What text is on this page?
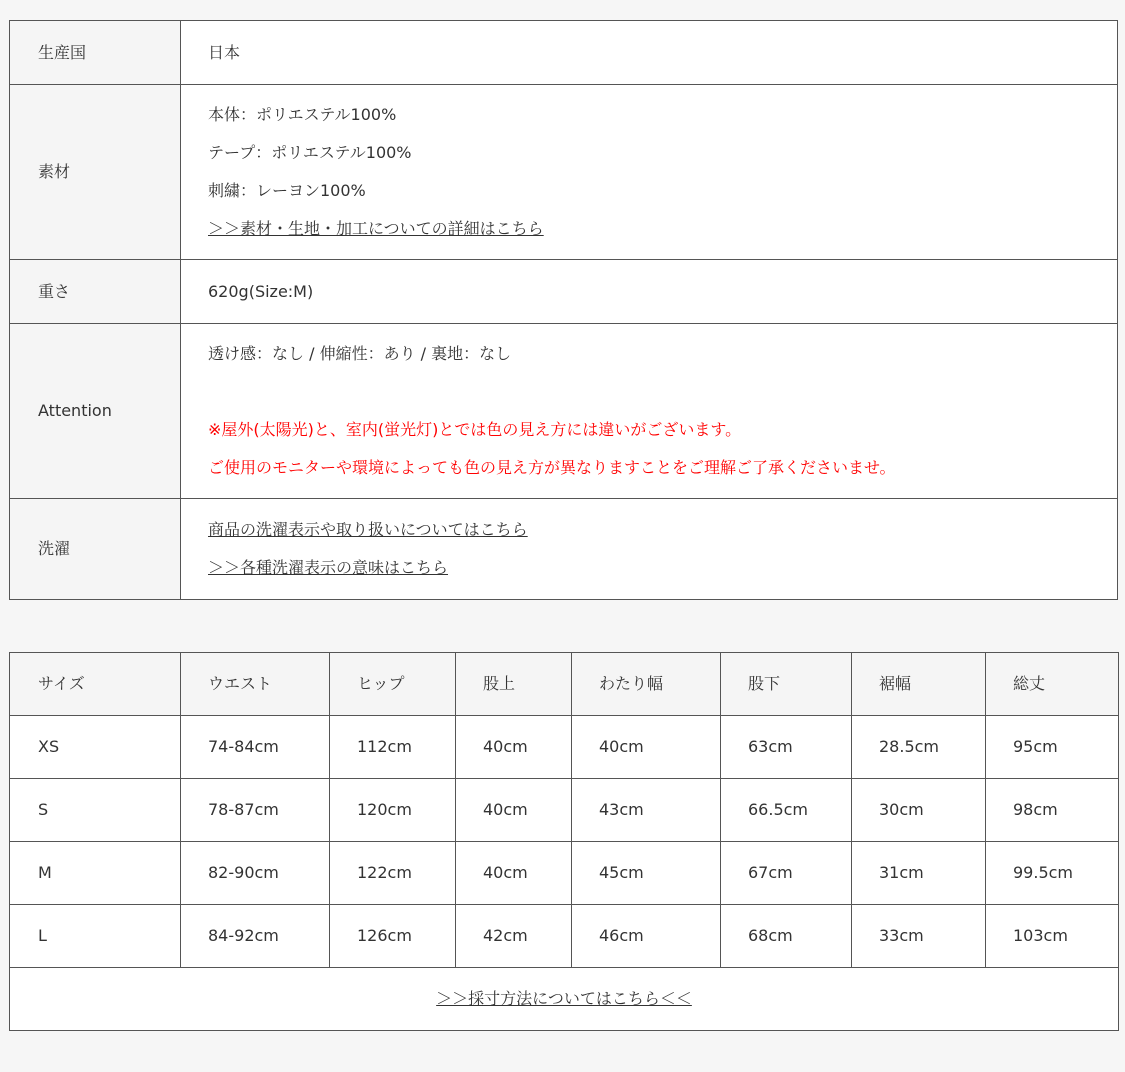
生産国	日本
素材	本体：ポリエステル100%
テープ：ポリエステル100%
刺繍：レーヨン100%
＞＞素材・生地・加工についての詳細はこちら

重さ	620g(Size:M)
Attention	透け感：なし / 伸縮性：あり / 裏地：なし
※屋外(太陽光)と、室内(蛍光灯)とでは色の見え方には違いがございます。
ご使用のモニターや環境によっても色の見え方が異なりますことをご理解ご了承くださいませ。

洗濯	商品の洗濯表示や取り扱いについてはこちら
＞＞各種洗濯表示の意味はこちら
サイズ	ウエスト	ヒップ	股上	わたり幅	股下	裾幅	総丈
XS	74-84cm	112cm	40cm	40cm	63cm	28.5cm	95cm
S	78-87cm	120cm	40cm	43cm	66.5cm	30cm	98cm
M	82-90cm	122cm	40cm	45cm	67cm	31cm	99.5cm
L	84-92cm	126cm	42cm	46cm	68cm	33cm	103cm
＞＞採寸方法についてはこちら＜＜							
